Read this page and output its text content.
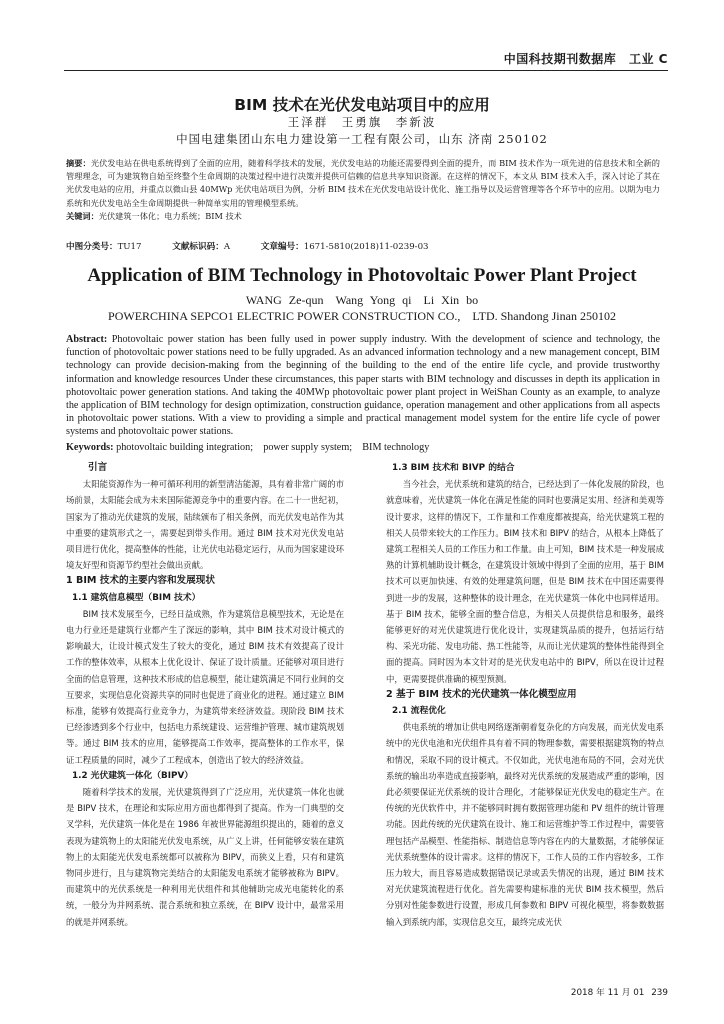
中国科技期刊数据库 工业 C
BIM 技术在光伏发电站项目中的应用
王泽群　王勇旗　李新波
中国电建集团山东电力建设第一工程有限公司，山东 济南 250102
摘要：光伏发电站在供电系统得到了全面的应用，随着科学技术的发展，光伏发电站的功能还需要得到全面的提升，而 BIM 技术作为一项先进的信息技术和全新的管理理念，可为建筑物自始至终整个生命周期的决策过程中进行决策并提供可信赖的信息共享知识资源。在这样的情况下，本文从 BIM 技术入手，深入讨论了其在光伏发电站的应用，并重点以微山县 40MWp 光伏电站项目为例，分析 BIM 技术在光伏发电站设计优化、施工指导以及运营管理等各个环节中的应用。以期为电力系统和光伏发电站全生命周期提供一种简单实用的管理模型系统。
关键词：光伏建筑一体化；电力系统；BIM 技术
中图分类号：TU17	文献标识码：A	文章编号：1671-5810(2018)11-0239-03
Application of BIM Technology in Photovoltaic Power Plant Project
WANG Ze-qun　Wang Yong qi　Li Xin bo
POWERCHINA SEPCO1 ELECTRIC POWER CONSTRUCTION CO.,　LTD. Shandong Jinan 250102
Abstract: Photovoltaic power station has been fully used in power supply industry. With the development of science and technology, the function of photovoltaic power stations need to be fully upgraded. As an advanced information technology and a new management concept, BIM technology can provide decision-making from the beginning of the building to the end of the entire life cycle, and provide trustworthy information and knowledge resources Under these circumstances, this paper starts with BIM technology and discusses in depth its application in photovoltaic power generation stations. And taking the 40MWp photovoltaic power plant project in WeiShan County as an example, to analyze the application of BIM technology for design optimization, construction guidance, operation management and other applications from all aspects in photovoltaic power stations. With a view to providing a simple and practical management model system for the entire life cycle of power systems and photovoltaic power stations.
Keywords: photovoltaic building integration;　power supply system;　BIM technology
引言

太阳能资源作为一种可循环利用的新型清洁能源，具有着非常广阔的市场前景，太阳能会成为未来国际能源竞争中的重要内容。在二十一世纪初，国家为了推动光伏建筑的发展，陆续颁布了相关条例，而光伏发电站作为其中重要的建筑形式之一，需要起到带头作用。通过 BIM 技术对光伏发电站项目进行优化，提高整体的性能，让光伏电站稳定运行，从而为国家建设环境友好型和资源节约型社会做出贡献。

1 BIM 技术的主要内容和发展现状
1.1 建筑信息模型（BIM 技术）

BIM 技术发展至今，已经日益成熟，作为建筑信息模型技术，无论是在电力行业还是建筑行业都产生了深远的影响，其中 BIM 技术对设计模式的影响最大，让设计模式发生了较大的变化，通过 BIM 技术有效提高了设计工作的整体效率，从根本上优化设计、保证了设计质量。还能够对项目进行全面的信息管理，这种技术形成的信息模型，能让建筑满足不同行业间的交互要求，实现信息化资源共享的同时也促进了商业化的进程。通过建立 BIM 标准，能够有效提高行业竞争力，为建筑带来经济效益。现阶段 BIM 技术已经渗透到多个行业中，包括电力系统建设、运营维护管理、城市建筑规划等。通过 BIM 技术的应用，能够提高工作效率，提高整体的工作水平，保证工程质量的同时，减少了工程成本，创造出了较大的经济效益。

1.2 光伏建筑一体化（BIPV）

随着科学技术的发展，光伏建筑得到了广泛应用，光伏建筑一体化也就是 BIPV 技术，在理论和实际应用方面也都得到了提高。作为一门典型的交叉学科，光伏建筑一体化是在 1986 年被世界能源组织提出的，随着的意义表现为建筑物上的太阳能光伏发电系统，从广义上讲，任何能够安装在建筑物上的太阳能光伏发电系统都可以被称为 BIPV，而狭义上看，只有和建筑物同步进行，且与建筑物完美结合的太阳能发电系统才能够被称为 BIPV。而建筑中的光伏系统是一种利用光伏组件和其他辅助完成光电能转化的系统，一般分为并网系统、混合系统和独立系统，在 BIPV 设计中，最常采用的就是并网系统。

1.3 BIM 技术和 BIVP 的结合

当今社会，光伏系统和建筑的结合，已经达到了一体化发展的阶段，也就意味着，光伏建筑一体化在满足性能的同时也要满足实用、经济和美观等设计要求，这样的情况下，工作量和工作难度都被提高，给光伏建筑工程的相关人员带来较大的工作压力。BIM 技术和 BIPV 的结合，从根本上降低了建筑工程相关人员的工作压力和工作量。由上可知，BIM 技术是一种发展成熟的计算机辅助设计概念，在建筑设计领域中得到了全面的应用，基于 BIM 技术可以更加快速、有效的处理建筑问题，但是 BIM 技术在中国还需要得到进一步的发展，这种整体的设计理念，在光伏建筑一体化中也同样适用。基于 BIM 技术，能够全面的整合信息，为相关人员提供信息和服务，最终能够更好的对光伏建筑进行优化设计，实现建筑品质的提升，包括运行结构、采光功能、发电功能、热工性能等，从而让光伏建筑的整体性能得到全面的提高。同时因为本文针对的是光伏发电站中的 BIPV，所以在设计过程中，更需要提供准确的模型预测。

2 基于 BIM 技术的光伏建筑一体化模型应用
2.1 流程优化

供电系统的增加让供电网络逐渐朝着复杂化的方向发展，而光伏发电系统中的光伏电池和光伏组件具有着不同的物理参数，需要根据建筑物的特点和情况，采取不同的设计模式。不仅如此，光伏电池布局的不同，会对光伏系统的输出功率造成直接影响，最终对光伏系统的发展造成严重的影响，因此必须要保证光伏系统的设计合理化，才能够保证光伏发电的稳定生产。在传统的光伏软件中，并不能够同时拥有数据管理功能和 PV 组件的统计管理功能。因此传统的光伏建筑在设计、施工和运营维护等工作过程中，需要管理包括产品模型、性能指标、制造信息等内容在内的大量数据，才能够保证光伏系统整体的设计需求。这样的情况下，工作人员的工作内容较多，工作压力较大，而且容易造成数据错误记录或丢失情况的出现，通过 BIM 技术对光伏建筑流程进行优化。首先需要构建标准的光伏 BIM 技术模型，然后分别对性能参数进行设置，形成几何参数和 BIPV 可视化模型，将参数数据输入到系统内部，实现信息交互，最终完成光伏

2018 年 11 月 01 239
